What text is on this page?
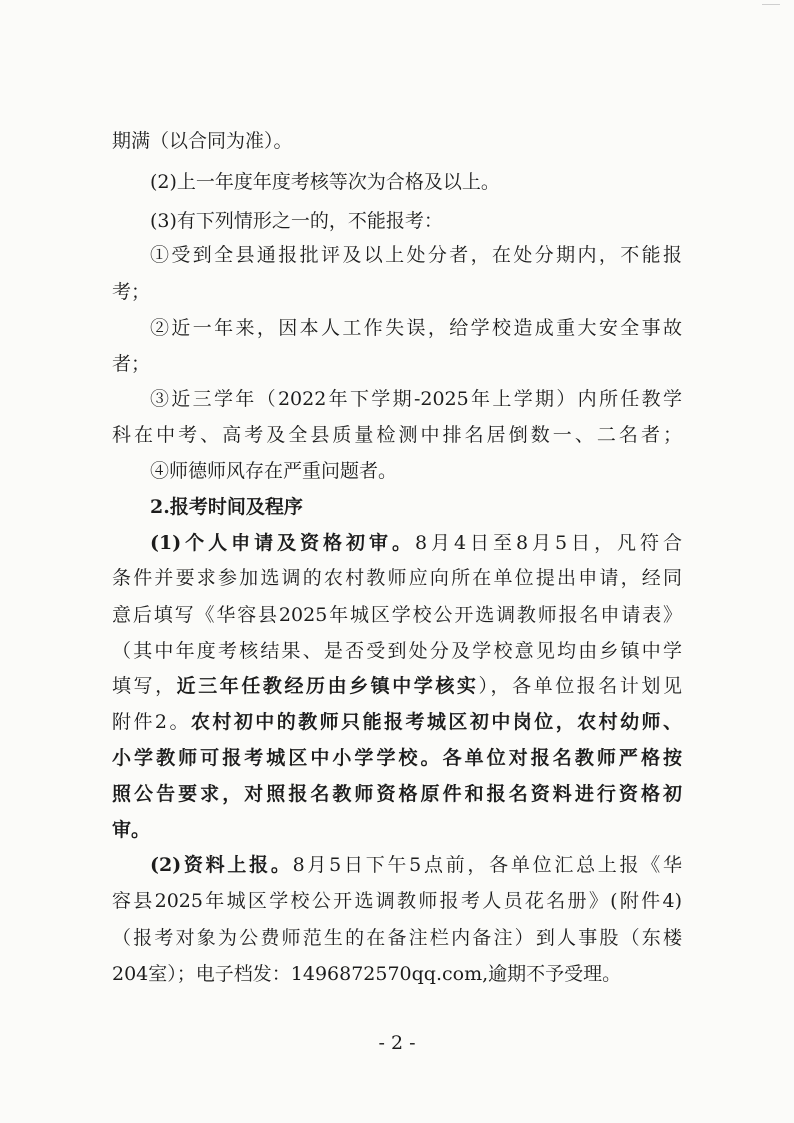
期满（以合同为准）。
(2)上一年度年度考核等次为合格及以上。
(3)有下列情形之一的，不能报考：
①受到全县通报批评及以上处分者，在处分期内，不能报
考；
②近一年来，因本人工作失误，给学校造成重大安全事故
者；
③近三学年（2022年下学期-2025年上学期）内所任教学
科在中考、高考及全县质量检测中排名居倒数一、二名者；
④师德师风存在严重问题者。
2.报考时间及程序
(1)个人申请及资格初审。8月4日至8月5日，凡符合
条件并要求参加选调的农村教师应向所在单位提出申请，经同
意后填写《华容县2025年城区学校公开选调教师报名申请表》
（其中年度考核结果、是否受到处分及学校意见均由乡镇中学
填写，近三年任教经历由乡镇中学核实），各单位报名计划见
附件2。农村初中的教师只能报考城区初中岗位，农村幼师、
小学教师可报考城区中小学学校。各单位对报名教师严格按
照公告要求，对照报名教师资格原件和报名资料进行资格初
审。
(2)资料上报。8月5日下午5点前，各单位汇总上报《华
容县2025年城区学校公开选调教师报考人员花名册》(附件4)
（报考对象为公费师范生的在备注栏内备注）到人事股（东楼
204室）；电子档发：1496872570qq.com,逾期不予受理。
- 2 -
